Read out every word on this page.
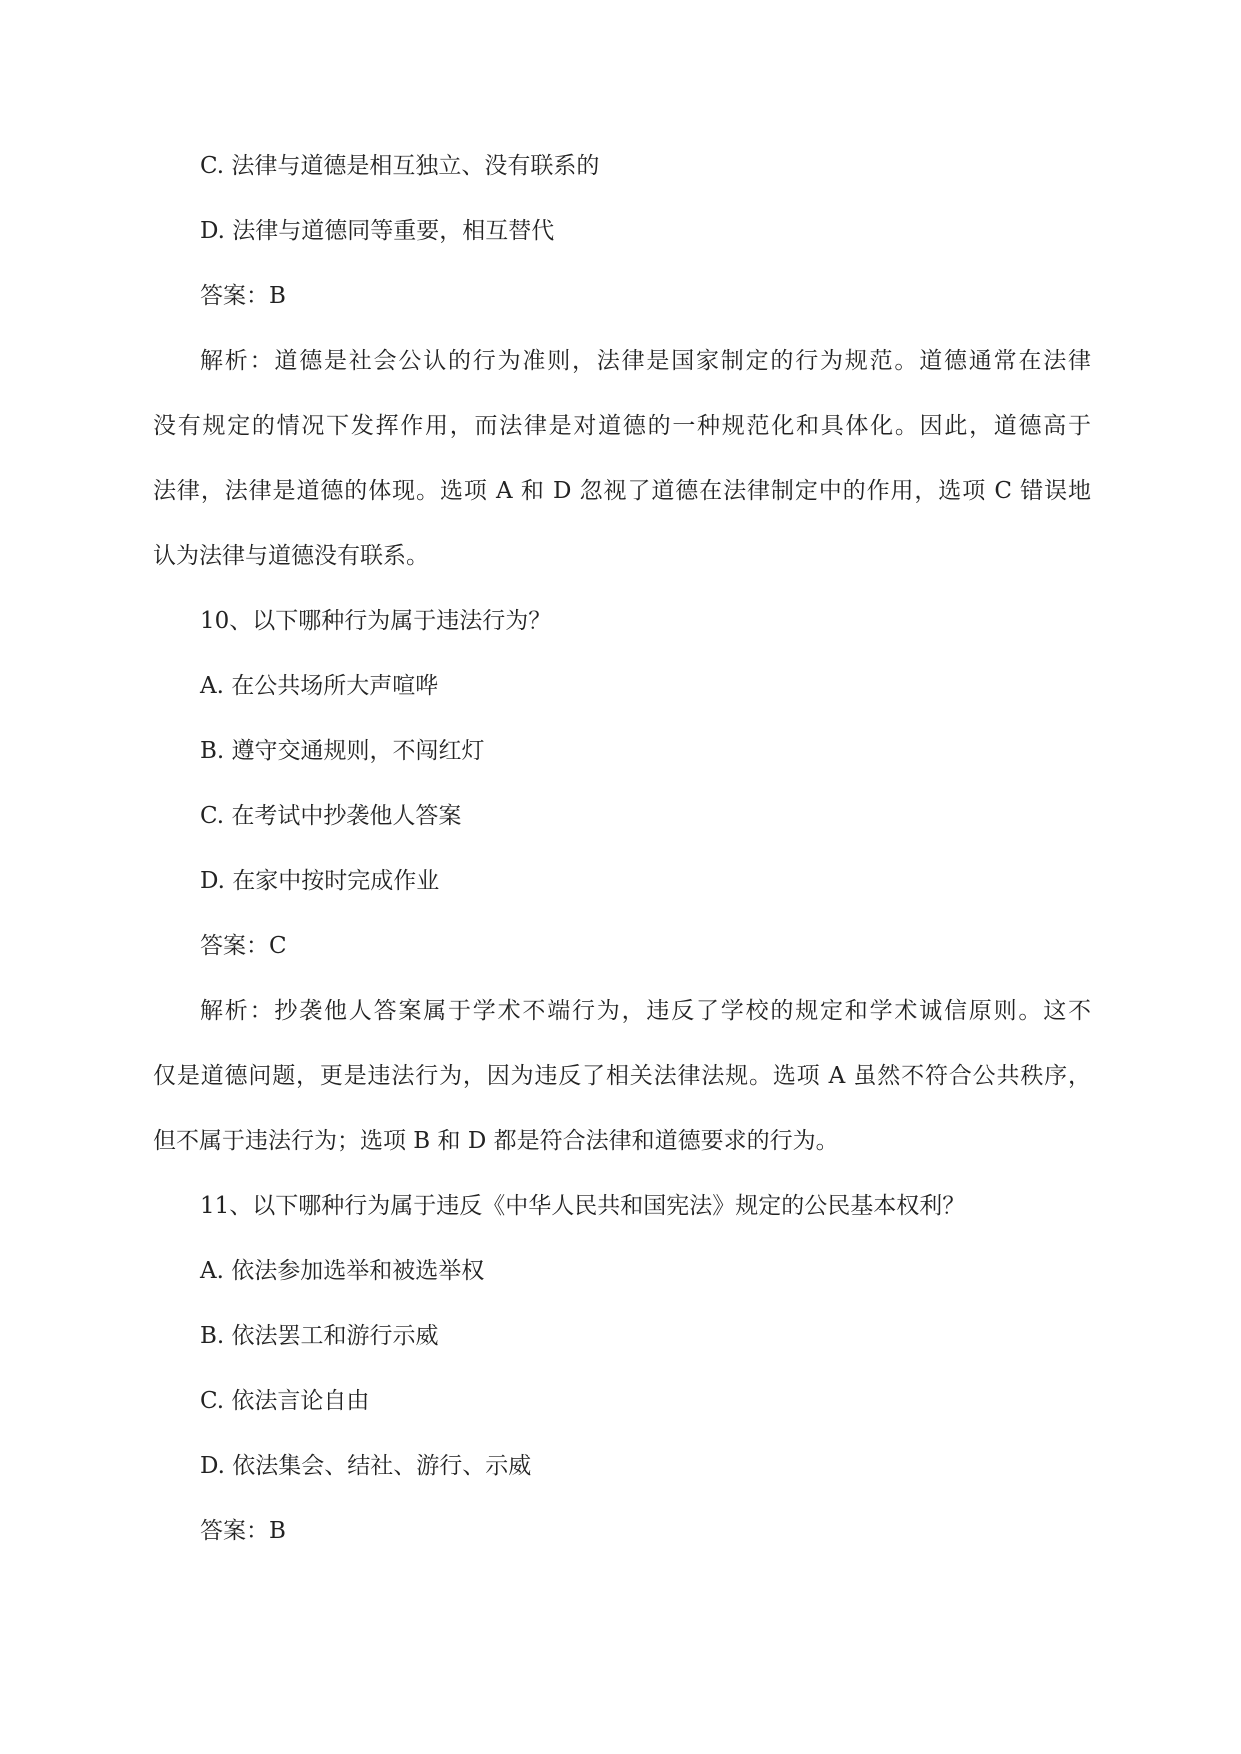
C. 法律与道德是相互独立、没有联系的
D. 法律与道德同等重要，相互替代
答案：B
解析：道德是社会公认的行为准则，法律是国家制定的行为规范。道德通常在法律
没有规定的情况下发挥作用，而法律是对道德的一种规范化和具体化。因此，道德高于
法律，法律是道德的体现。选项 A 和 D 忽视了道德在法律制定中的作用，选项 C 错误地
认为法律与道德没有联系。
10、以下哪种行为属于违法行为？
A. 在公共场所大声喧哗
B. 遵守交通规则，不闯红灯
C. 在考试中抄袭他人答案
D. 在家中按时完成作业
答案：C
解析：抄袭他人答案属于学术不端行为，违反了学校的规定和学术诚信原则。这不
仅是道德问题，更是违法行为，因为违反了相关法律法规。选项 A 虽然不符合公共秩序，
但不属于违法行为；选项 B 和 D 都是符合法律和道德要求的行为。
11、以下哪种行为属于违反《中华人民共和国宪法》规定的公民基本权利？
A. 依法参加选举和被选举权
B. 依法罢工和游行示威
C. 依法言论自由
D. 依法集会、结社、游行、示威
答案：B
